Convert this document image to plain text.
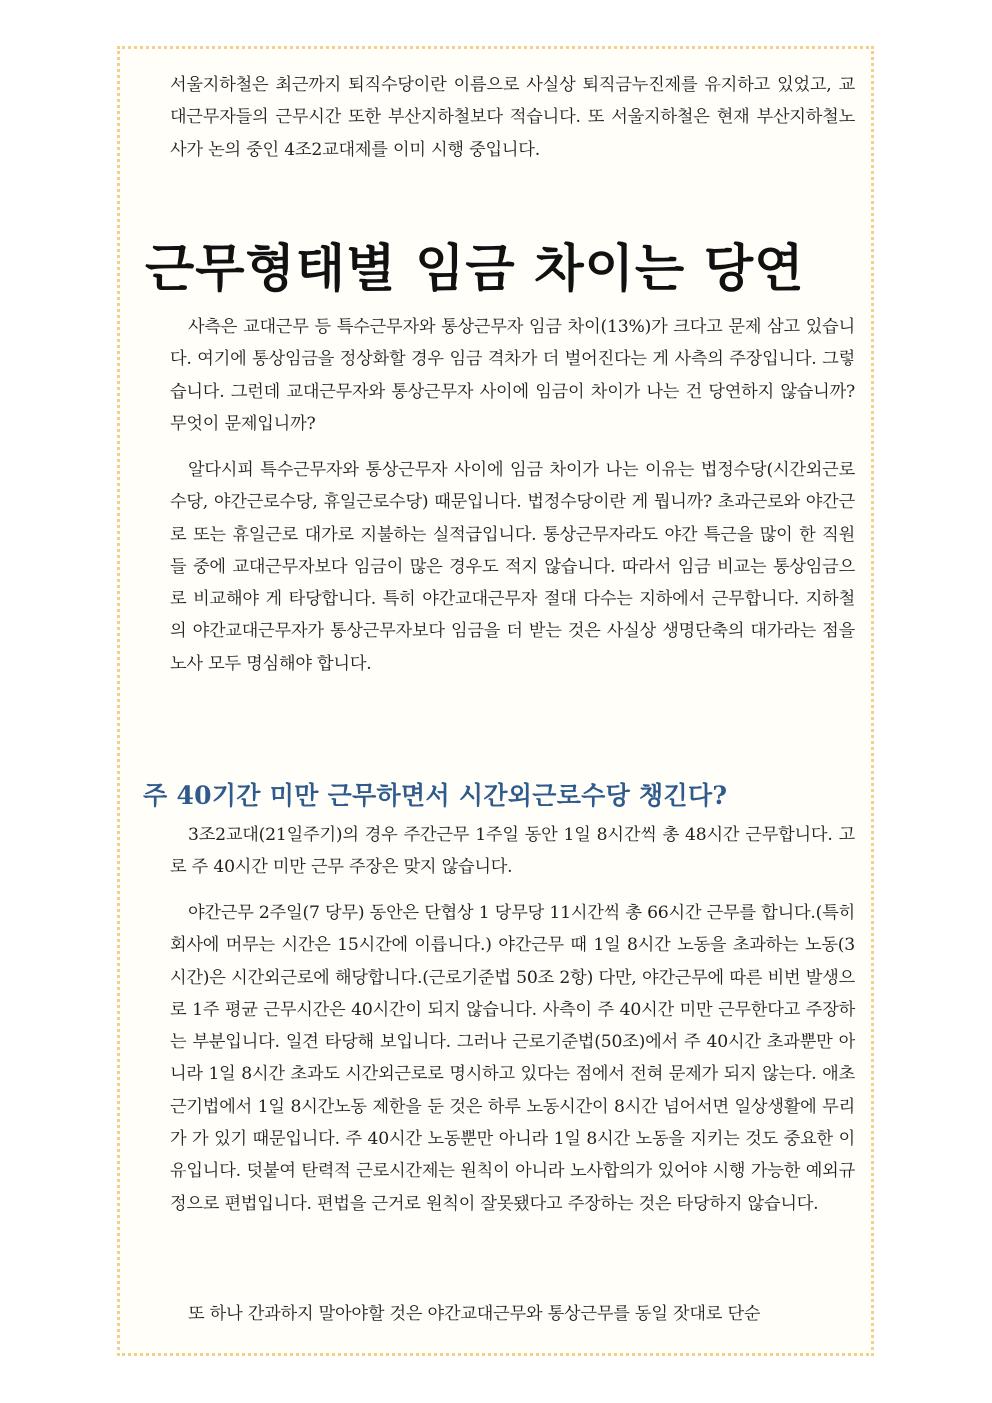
서울지하철은 최근까지 퇴직수당이란 이름으로 사실상 퇴직금누진제를 유지하고 있었고, 교대근무자들의 근무시간 또한 부산지하철보다 적습니다. 또 서울지하철은 현재 부산지하철노사가 논의 중인 4조2교대제를 이미 시행 중입니다.

근무형태별 임금 차이는 당연

사측은 교대근무 등 특수근무자와 통상근무자 임금 차이(13%)가 크다고 문제 삼고 있습니다. 여기에 통상임금을 정상화할 경우 임금 격차가 더 벌어진다는 게 사측의 주장입니다. 그렇습니다. 그런데 교대근무자와 통상근무자 사이에 임금이 차이가 나는 건 당연하지 않습니까? 무엇이 문제입니까?

알다시피 특수근무자와 통상근무자 사이에 임금 차이가 나는 이유는 법정수당(시간외근로수당, 야간근로수당, 휴일근로수당) 때문입니다. 법정수당이란 게 뭡니까? 초과근로와 야간근로 또는 휴일근로 대가로 지불하는 실적급입니다. 통상근무자라도 야간 특근을 많이 한 직원들 중에 교대근무자보다 임금이 많은 경우도 적지 않습니다. 따라서 임금 비교는 통상임금으로 비교해야 게 타당합니다. 특히 야간교대근무자 절대 다수는 지하에서 근무합니다. 지하철의 야간교대근무자가 통상근무자보다 임금을 더 받는 것은 사실상 생명단축의 대가라는 점을 노사 모두 명심해야 합니다.

주 40기간 미만 근무하면서 시간외근로수당 챙긴다?

3조2교대(21일주기)의 경우 주간근무 1주일 동안 1일 8시간씩 총 48시간 근무합니다. 고로 주 40시간 미만 근무 주장은 맞지 않습니다.

야간근무 2주일(7 당무) 동안은 단협상 1 당무당 11시간씩 총 66시간 근무를 합니다.(특히 회사에 머무는 시간은 15시간에 이릅니다.) 야간근무 때 1일 8시간 노동을 초과하는 노동(3시간)은 시간외근로에 해당합니다.(근로기준법 50조 2항) 다만, 야간근무에 따른 비번 발생으로 1주 평균 근무시간은 40시간이 되지 않습니다. 사측이 주 40시간 미만 근무한다고 주장하는 부분입니다. 일견 타당해 보입니다. 그러나 근로기준법(50조)에서 주 40시간 초과뿐만 아니라 1일 8시간 초과도 시간외근로로 명시하고 있다는 점에서 전혀 문제가 되지 않는다. 애초 근기법에서 1일 8시간노동 제한을 둔 것은 하루 노동시간이 8시간 넘어서면 일상생활에 무리가 가 있기 때문입니다. 주 40시간 노동뿐만 아니라 1일 8시간 노동을 지키는 것도 중요한 이유입니다. 덧붙여 탄력적 근로시간제는 원칙이 아니라 노사합의가 있어야 시행 가능한 예외규정으로 편법입니다. 편법을 근거로 원칙이 잘못됐다고 주장하는 것은 타당하지 않습니다.

또 하나 간과하지 말아야할 것은 야간교대근무와 통상근무를 동일 잣대로 단순
